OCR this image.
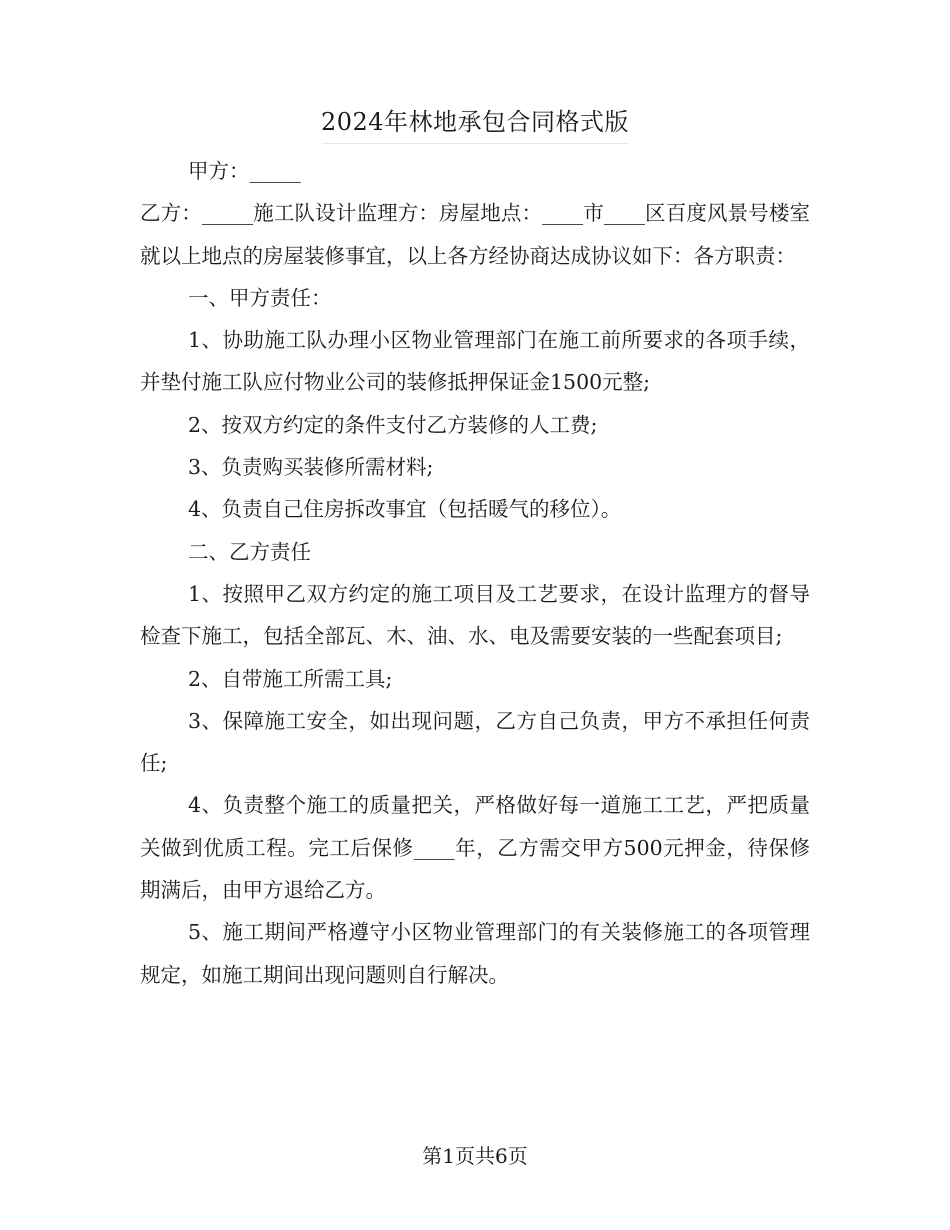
2024年林地承包合同格式版

甲方：_____

乙方：_____施工队设计监理方：房屋地点：____市____区百度风景号楼室就以上地点的房屋装修事宜，以上各方经协商达成协议如下：各方职责：

一、甲方责任：

1、协助施工队办理小区物业管理部门在施工前所要求的各项手续，并垫付施工队应付物业公司的装修抵押保证金1500元整;

2、按双方约定的条件支付乙方装修的人工费;

3、负责购买装修所需材料;

4、负责自己住房拆改事宜（包括暖气的移位）。

二、乙方责任

1、按照甲乙双方约定的施工项目及工艺要求，在设计监理方的督导检查下施工，包括全部瓦、木、油、水、电及需要安装的一些配套项目;

2、自带施工所需工具;

3、保障施工安全，如出现问题，乙方自己负责，甲方不承担任何责任;

4、负责整个施工的质量把关，严格做好每一道施工工艺，严把质量关做到优质工程。完工后保修____年，乙方需交甲方500元押金，待保修期满后，由甲方退给乙方。

5、施工期间严格遵守小区物业管理部门的有关装修施工的各项管理规定，如施工期间出现问题则自行解决。

第1页共6页
